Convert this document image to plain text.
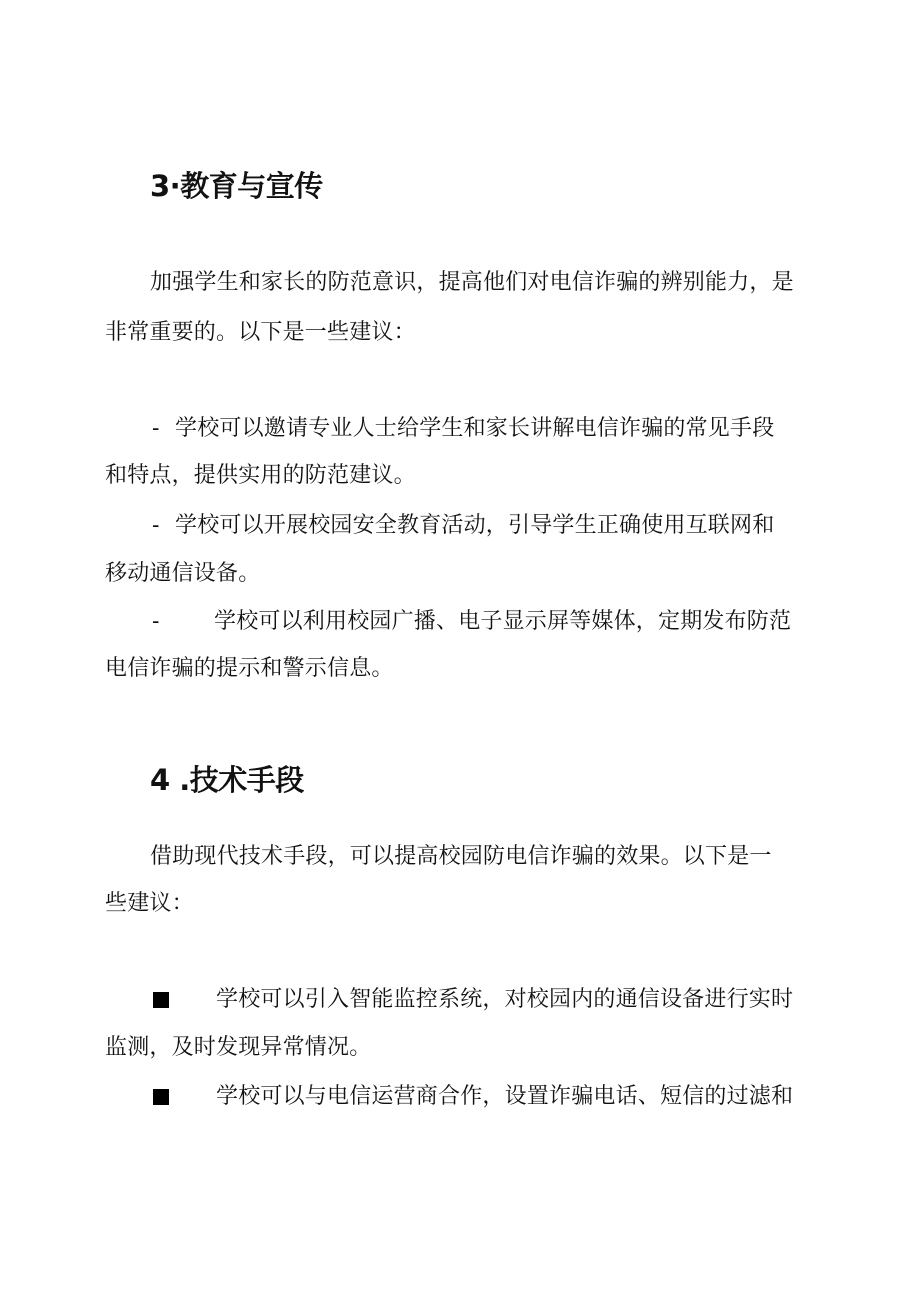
3·教育与宣传
加强学生和家长的防范意识，提高他们对电信诈骗的辨别能力，是
非常重要的。以下是一些建议：
- 学校可以邀请专业人士给学生和家长讲解电信诈骗的常见手段
和特点，提供实用的防范建议。
- 学校可以开展校园安全教育活动，引导学生正确使用互联网和
移动通信设备。
- 学校可以利用校园广播、电子显示屏等媒体，定期发布防范
电信诈骗的提示和警示信息。
4 .技术手段
借助现代技术手段，可以提高校园防电信诈骗的效果。以下是一
些建议：
学校可以引入智能监控系统，对校园内的通信设备进行实时
监测，及时发现异常情况。
学校可以与电信运营商合作，设置诈骗电话、短信的过滤和
